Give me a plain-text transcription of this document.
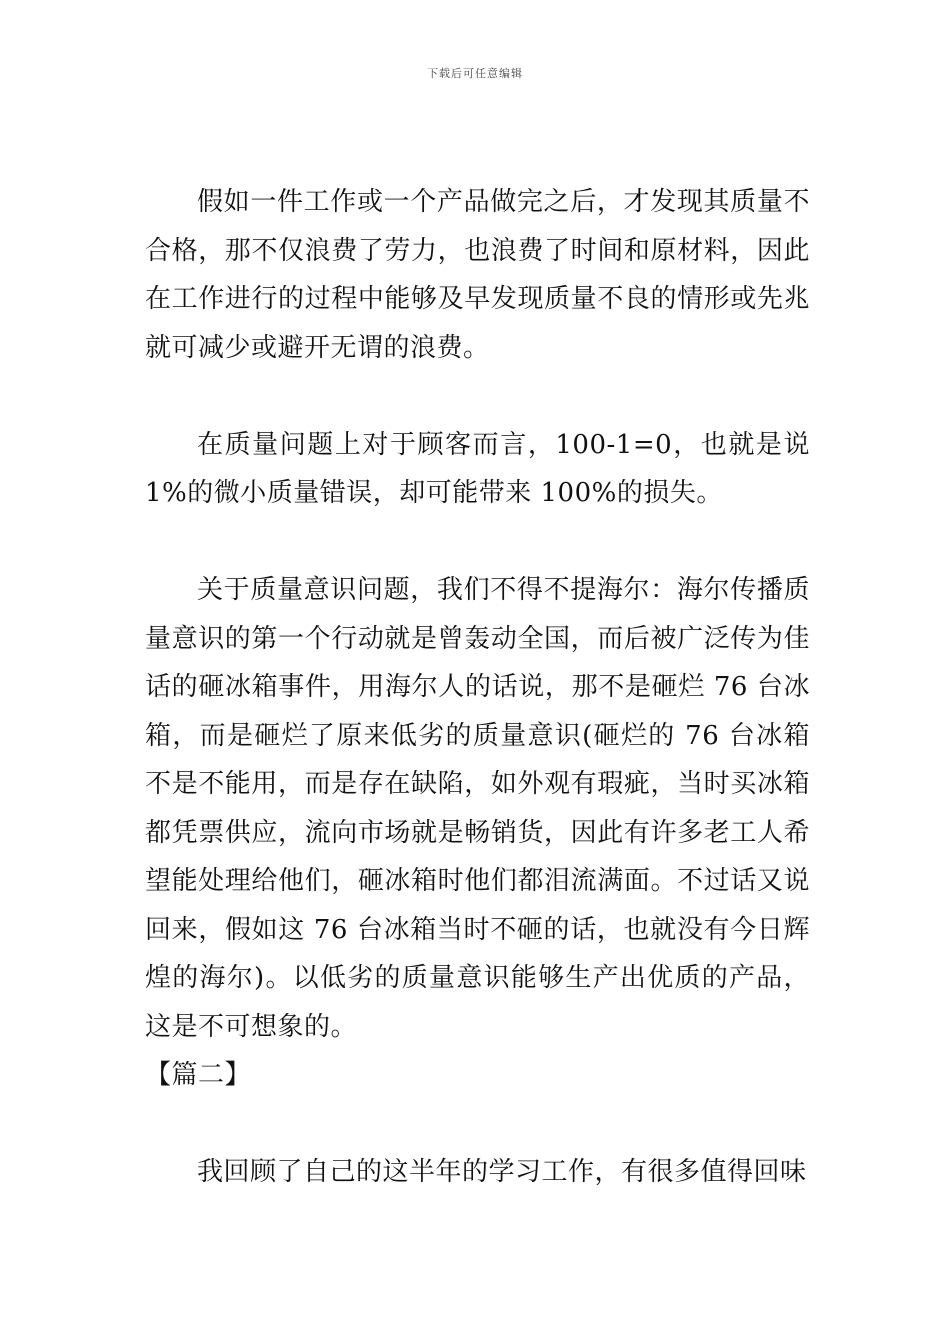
下载后可任意编辑

假如一件工作或一个产品做完之后，才发现其质量不合格，那不仅浪费了劳力，也浪费了时间和原材料，因此在工作进行的过程中能够及早发现质量不良的情形或先兆就可减少或避开无谓的浪费。

在质量问题上对于顾客而言，100-1=0，也就是说 1%的微小质量错误，却可能带来 100%的损失。

关于质量意识问题，我们不得不提海尔：海尔传播质量意识的第一个行动就是曾轰动全国，而后被广泛传为佳话的砸冰箱事件，用海尔人的话说，那不是砸烂 76 台冰箱，而是砸烂了原来低劣的质量意识(砸烂的 76 台冰箱不是不能用，而是存在缺陷，如外观有瑕疵，当时买冰箱都凭票供应，流向市场就是畅销货，因此有许多老工人希望能处理给他们，砸冰箱时他们都泪流满面。不过话又说回来，假如这 76 台冰箱当时不砸的话，也就没有今日辉煌的海尔)。以低劣的质量意识能够生产出优质的产品，这是不可想象的。

【篇二】

我回顾了自己的这半年的学习工作，有很多值得回味
